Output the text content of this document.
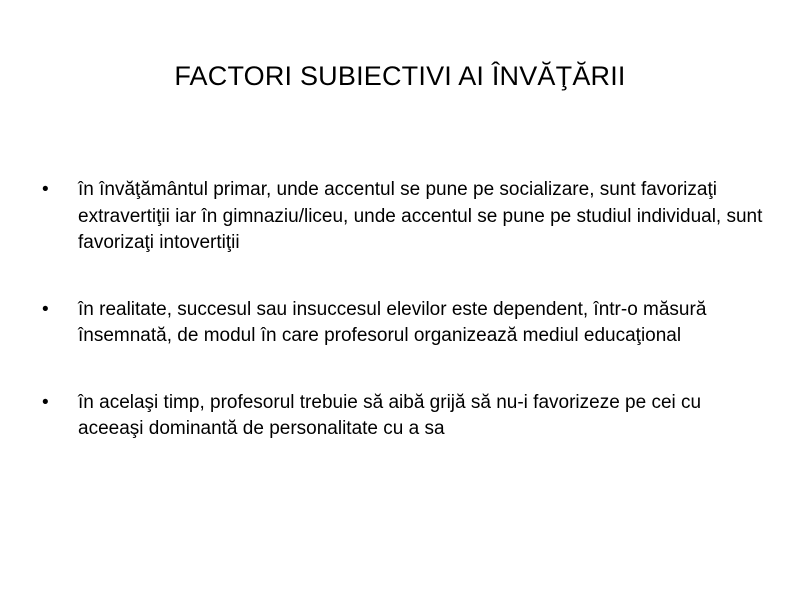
FACTORI SUBIECTIVI AI ÎNVĂŢĂRII
• în învăţământul primar, unde accentul se pune pe socializare, sunt favorizaţi extravertiţii iar în gimnaziu/liceu, unde accentul se pune pe studiul individual, sunt favorizaţi intovertiţii
• în realitate, succesul sau insuccesul elevilor este dependent, într-o măsură însemnată, de modul în care profesorul organizează mediul educaţional
• în acelaşi timp, profesorul trebuie să aibă grijă să nu-i favorizeze pe cei cu aceeaşi dominantă de personalitate cu a sa
